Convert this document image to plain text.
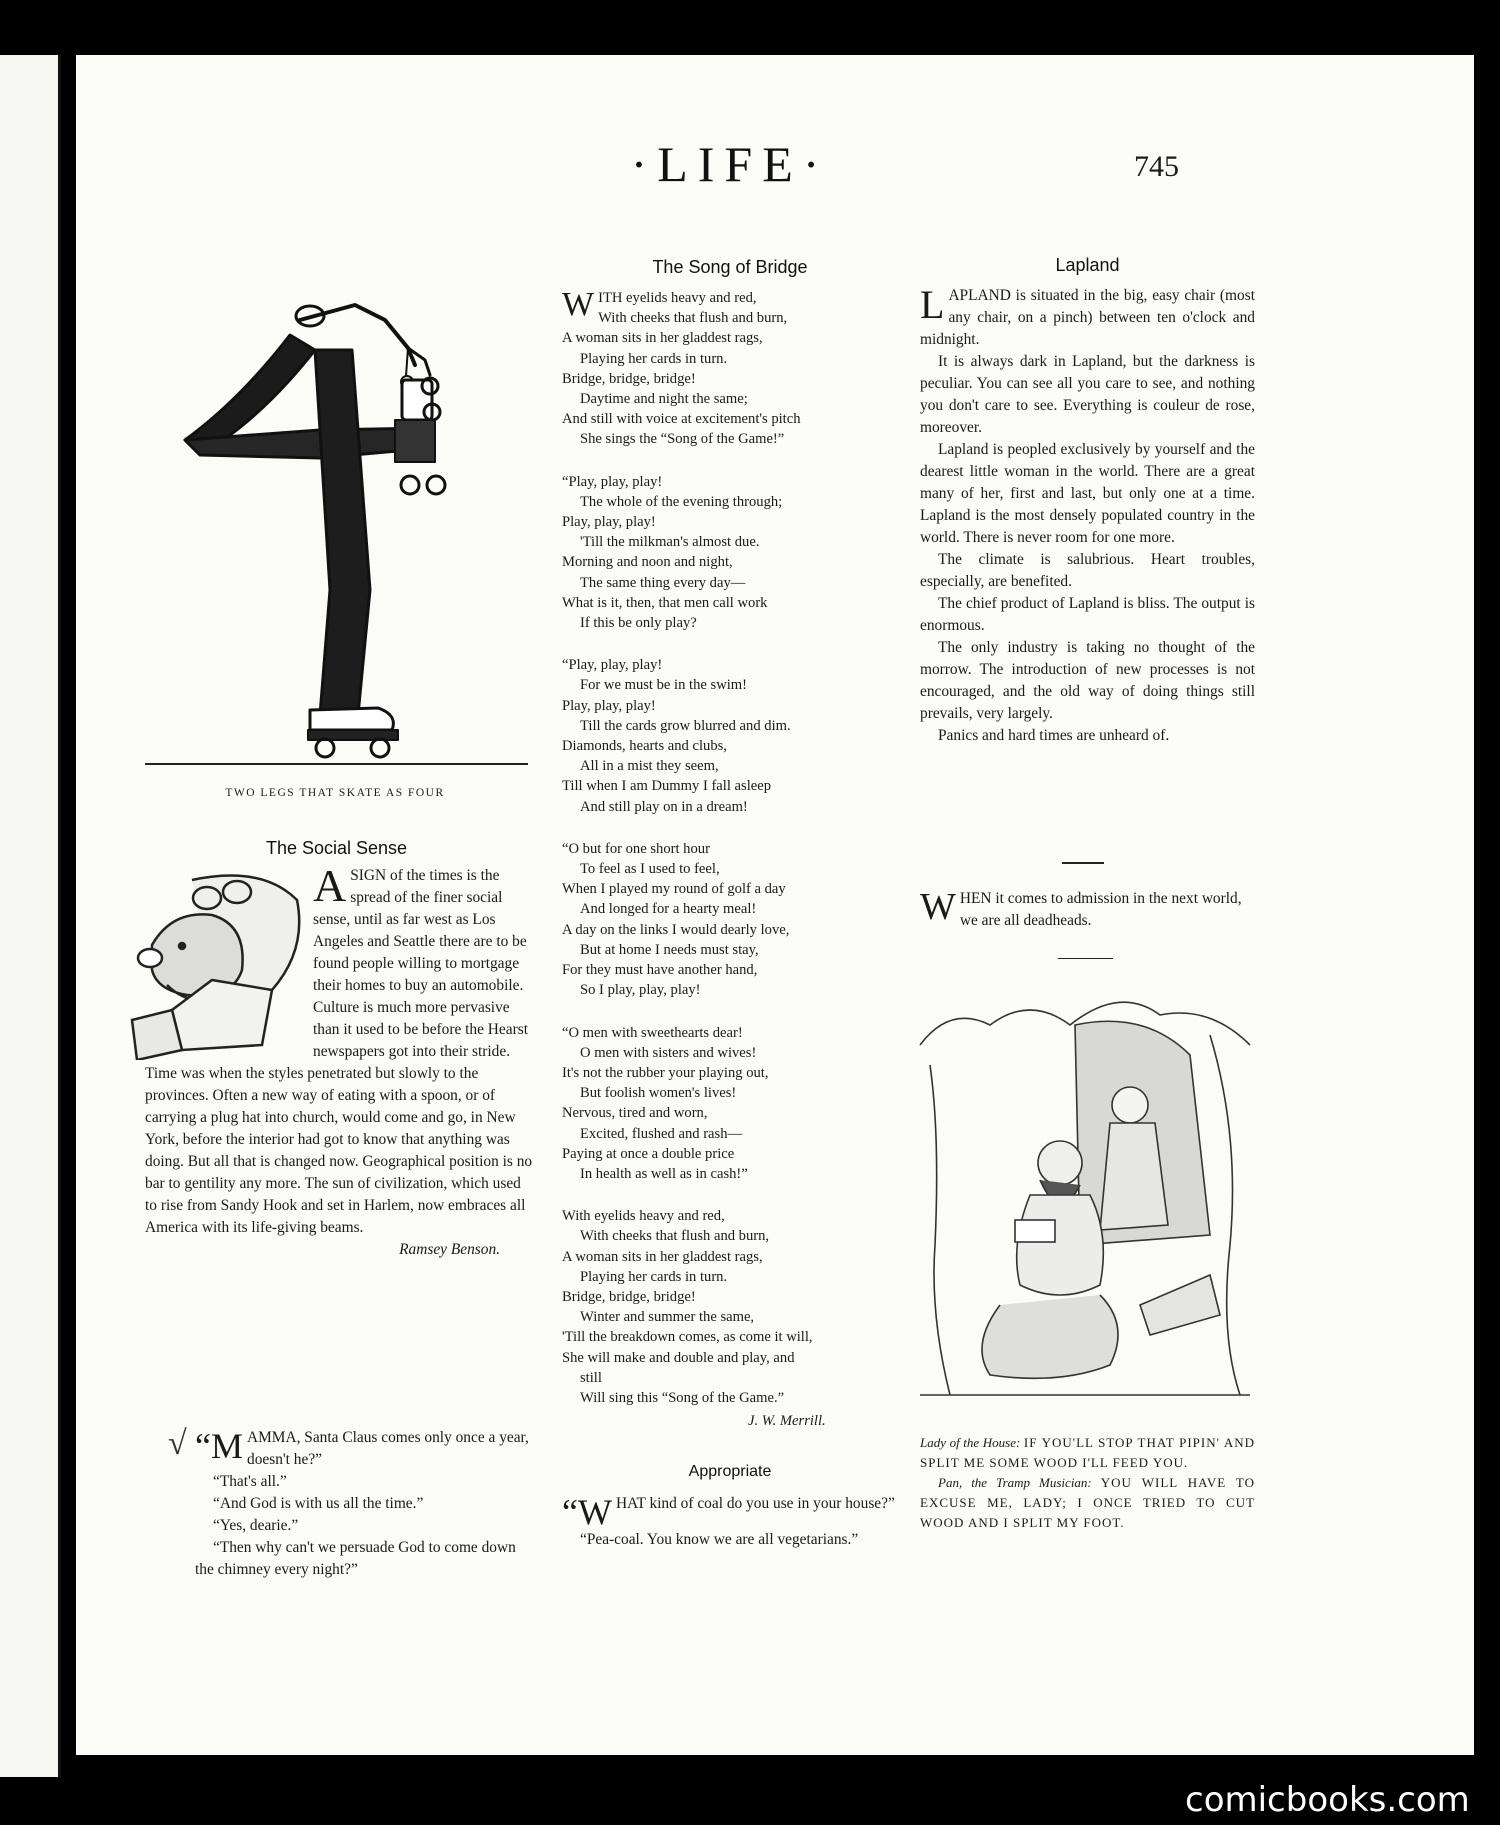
·LIFE·	745
TWO LEGS THAT SKATE AS FOUR
The Social Sense
ASIGN of the times is the spread of the finer social sense, until as far west as Los Angeles and Seattle there are to be found people willing to mortgage their homes to buy an automobile. Culture is much more pervasive than it used to be before the Hearst newspapers got into their stride. Time was when the styles penetrated but slowly to the provinces. Often a new way of eating with a spoon, or of carrying a plug hat into church, would come and go, in New York, before the interior had got to know that anything was doing. But all that is changed now. Geographical position is no bar to gentility any more. The sun of civilization, which used to rise from Sandy Hook and set in Harlem, now embraces all America with its life-giving beams.
Ramsey Benson.
√ “MAMMA, Santa Claus comes only once a year, doesn't he?”
“That's all.”
“And God is with us all the time.”
“Yes, dearie.”
“Then why can't we persuade God to come down the chimney every night?”
The Song of Bridge
WITH eyelids heavy and red,
With cheeks that flush and burn,
A woman sits in her gladdest rags,
Playing her cards in turn.
Bridge, bridge, bridge!
Daytime and night the same;
And still with voice at excitement's pitch
She sings the “Song of the Game!”
“Play, play, play!
The whole of the evening through;
Play, play, play!
'Till the milkman's almost due.
Morning and noon and night,
The same thing every day—
What is it, then, that men call work
If this be only play?
“Play, play, play!
For we must be in the swim!
Play, play, play!
Till the cards grow blurred and dim.
Diamonds, hearts and clubs,
All in a mist they seem,
Till when I am Dummy I fall asleep
And still play on in a dream!
“O but for one short hour
To feel as I used to feel,
When I played my round of golf a day
And longed for a hearty meal!
A day on the links I would dearly love,
But at home I needs must stay,
For they must have another hand,
So I play, play, play!
“O men with sweethearts dear!
O men with sisters and wives!
It's not the rubber your playing out,
But foolish women's lives!
Nervous, tired and worn,
Excited, flushed and rash—
Paying at once a double price
In health as well as in cash!”
With eyelids heavy and red,
With cheeks that flush and burn,
A woman sits in her gladdest rags,
Playing her cards in turn.
Bridge, bridge, bridge!
Winter and summer the same,
'Till the breakdown comes, as come it will,
She will make and double and play, and
still
Will sing this “Song of the Game.”
J. W. Merrill.
Appropriate
“WHAT kind of coal do you use in your house?”
“Pea-coal. You know we are all vegetarians.”
Lapland

LAPLAND is situated in the big, easy chair (most any chair, on a pinch) between ten o'clock and midnight.

It is always dark in Lapland, but the darkness is peculiar. You can see all you care to see, and nothing you don't care to see. Everything is couleur de rose, moreover.

Lapland is peopled exclusively by yourself and the dearest little woman in the world. There are a great many of her, first and last, but only one at a time. Lapland is the most densely populated country in the world. There is never room for one more.

The climate is salubrious. Heart troubles, especially, are benefited.

The chief product of Lapland is bliss. The output is enormous.

The only industry is taking no thought of the morrow. The introduction of new processes is not encouraged, and the old way of doing things still prevails, very largely.

Panics and hard times are unheard of.

WHEN it comes to admission in the next world, we are all deadheads.

Lady of the House: IF YOU'LL STOP THAT PIPIN' AND SPLIT ME SOME WOOD I'LL FEED YOU.

Pan, the Tramp Musician: YOU WILL HAVE TO EXCUSE ME, LADY; I ONCE TRIED TO CUT WOOD AND I SPLIT MY FOOT.

comicbooks.com
